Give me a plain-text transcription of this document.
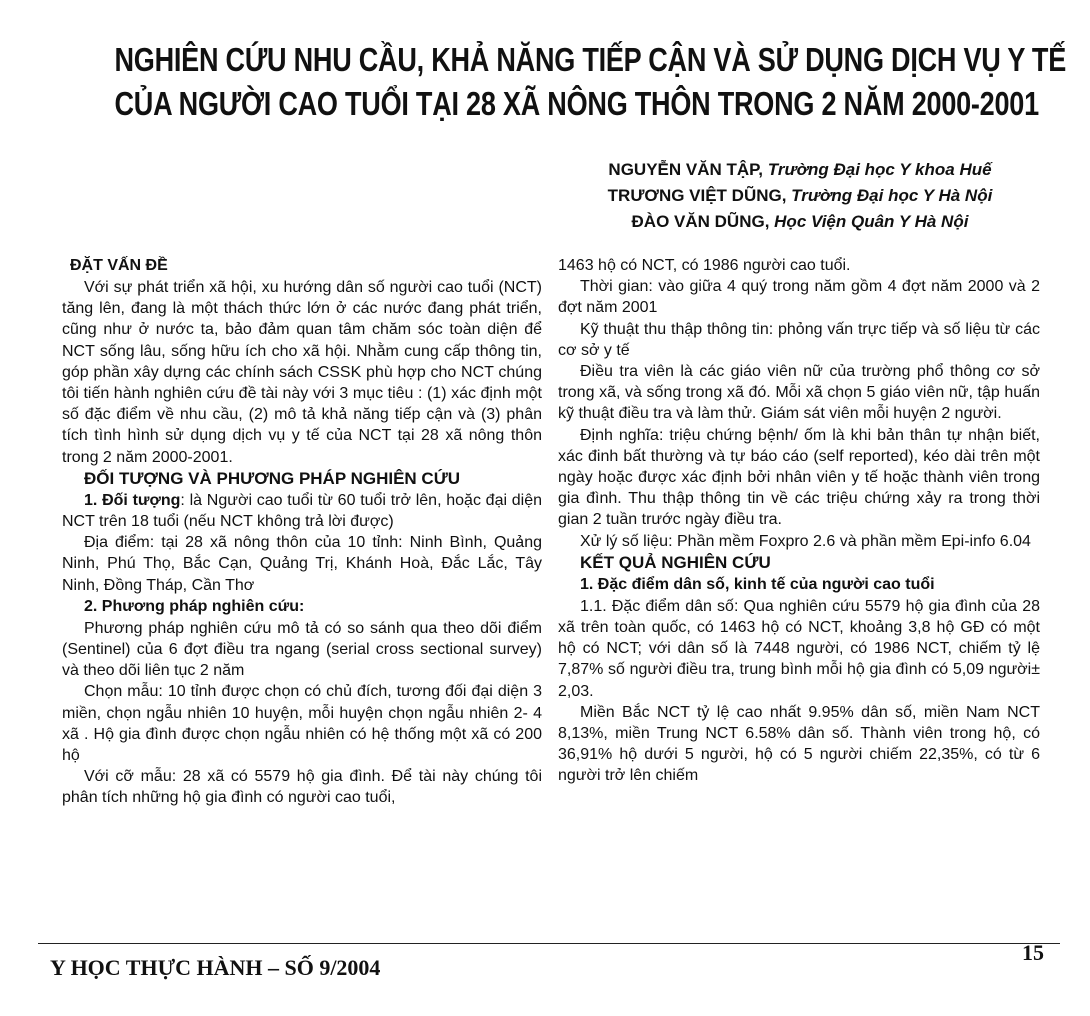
NGHIÊN CỨU NHU CẦU, KHẢ NĂNG TIẾP CẬN VÀ SỬ DỤNG DỊCH VỤ Y TẾ
CỦA NGƯỜI CAO TUỔI TẠI 28 XÃ NÔNG THÔN TRONG 2 NĂM 2000-2001
NGUYỄN VĂN TẬP, Trường Đại học Y khoa Huế
TRƯƠNG VIỆT DŨNG, Trường Đại học Y Hà Nội
ĐÀO VĂN DŨNG, Học Viện Quân Y Hà Nội
ĐẶT VẤN ĐỀ

Với sự phát triển xã hội, xu hướng dân số người cao tuổi (NCT) tăng lên, đang là một thách thức lớn ở các nước đang phát triển, cũng như ở nước ta, bảo đảm quan tâm chăm sóc toàn diện để NCT sống lâu, sống hữu ích cho xã hội. Nhằm cung cấp thông tin, góp phần xây dựng các chính sách CSSK phù hợp cho NCT chúng tôi tiến hành nghiên cứu đề tài này với 3 mục tiêu : (1) xác định một số đặc điểm về nhu cầu, (2) mô tả khả năng tiếp cận và (3) phân tích tình hình sử dụng dịch vụ y tế của NCT tại 28 xã nông thôn trong 2 năm 2000-2001.

ĐỐI TƯỢNG VÀ PHƯƠNG PHÁP NGHIÊN CỨU

1. Đối tượng: là Người cao tuổi từ 60 tuổi trở lên, hoặc đại diện NCT trên 18 tuổi (nếu NCT không trả lời được)

Địa điểm: tại 28 xã nông thôn của 10 tỉnh: Ninh Bình, Quảng Ninh, Phú Thọ, Bắc Cạn, Quảng Trị, Khánh Hoà, Đắc Lắc, Tây Ninh, Đồng Tháp, Cần Thơ

2. Phương pháp nghiên cứu:

Phương pháp nghiên cứu mô tả có so sánh qua theo dõi điểm (Sentinel) của 6 đợt điều tra ngang (serial cross sectional survey) và theo dõi liên tục 2 năm

Chọn mẫu: 10 tỉnh được chọn có chủ đích, tương đối đại diện 3 miền, chọn ngẫu nhiên 10 huyện, mỗi huyện chọn ngẫu nhiên 2- 4 xã . Hộ gia đình được chọn ngẫu nhiên có hệ thống một xã có 200 hộ

Với cỡ mẫu: 28 xã có 5579 hộ gia đình. Để tài này chúng tôi phân tích những hộ gia đình có người cao tuổi,

1463 hộ có NCT, có 1986 người cao tuổi.

Thời gian: vào giữa 4 quý trong năm gồm 4 đợt năm 2000 và 2 đợt năm 2001

Kỹ thuật thu thập thông tin: phỏng vấn trực tiếp và số liệu từ các cơ sở y tế

Điều tra viên là các giáo viên nữ của trường phổ thông cơ sở trong xã, và sống trong xã đó. Mỗi xã chọn 5 giáo viên nữ, tập huấn kỹ thuật điều tra và làm thử. Giám sát viên mỗi huyện 2 người.

Định nghĩa: triệu chứng bệnh/ ốm là khi bản thân tự nhận biết, xác đinh bất thường và tự báo cáo (self reported), kéo dài trên một ngày hoặc được xác định bởi nhân viên y tế hoặc thành viên trong gia đình. Thu thập thông tin về các triệu chứng xảy ra trong thời gian 2 tuần trước ngày điều tra.

Xử lý số liệu: Phần mềm Foxpro 2.6 và phần mềm Epi-info 6.04

KẾT QUẢ NGHIÊN CỨU
1. Đặc điểm dân số, kinh tế của người cao tuổi

1.1. Đặc điểm dân số: Qua nghiên cứu 5579 hộ gia đình của 28 xã trên toàn quốc, có 1463 hộ có NCT, khoảng 3,8 hộ GĐ có một hộ có NCT; với dân số là 7448 người, có 1986 NCT, chiếm tỷ lệ 7,87% số người điều tra, trung bình mỗi hộ gia đình có 5,09 người± 2,03.

Miền Bắc NCT tỷ lệ cao nhất 9.95% dân số, miền Nam NCT 8,13%, miền Trung NCT 6.58% dân số. Thành viên trong hộ, có 36,91% hộ dưới 5 người, hộ có 5 người chiếm 22,35%, có từ 6 người trở lên chiếm

Y HỌC THỰC HÀNH – SỐ 9/2004
15
